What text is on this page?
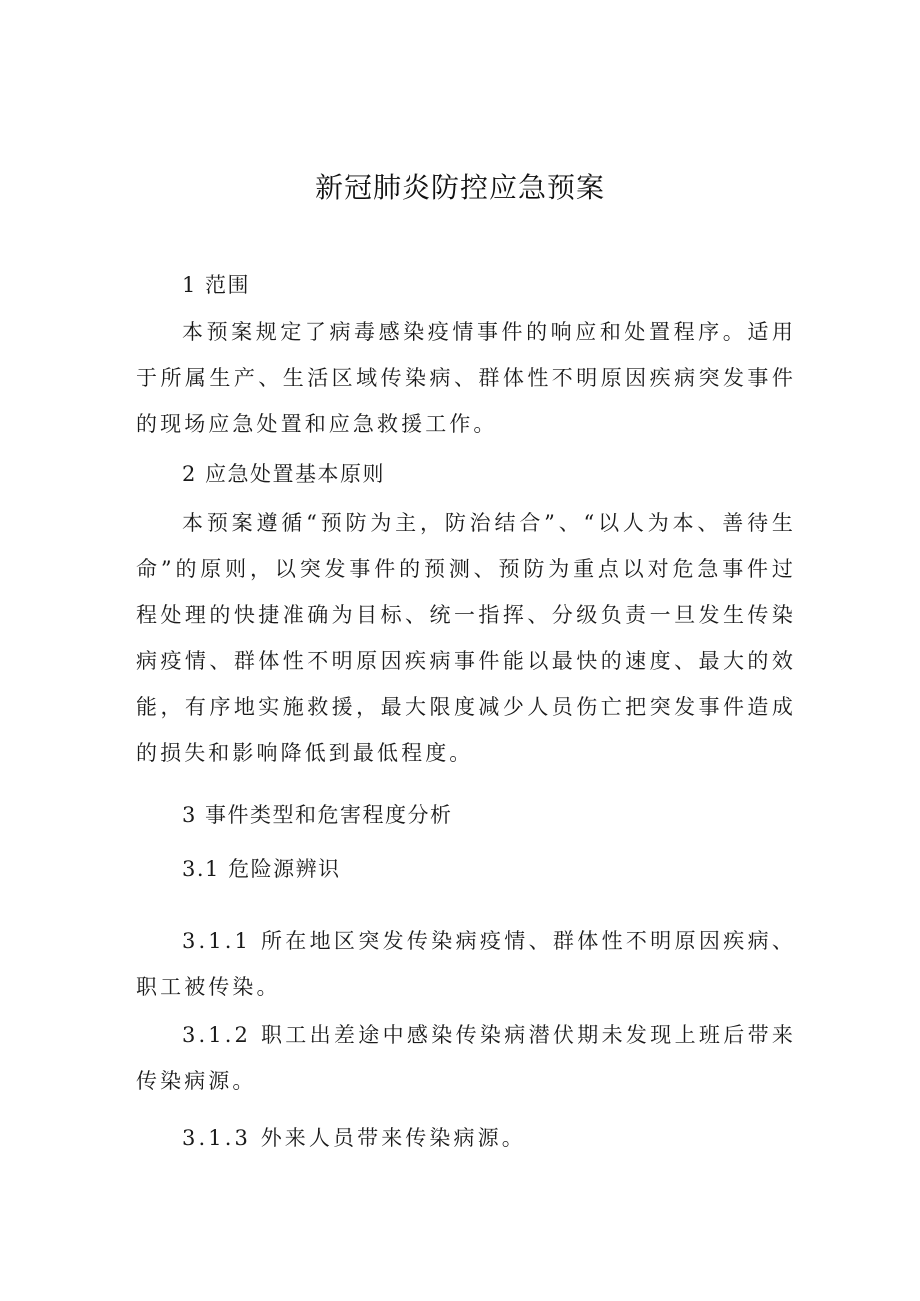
新冠肺炎防控应急预案
1 范围
本预案规定了病毒感染疫情事件的响应和处置程序。适用于所属生产、生活区域传染病、群体性不明原因疾病突发事件的现场应急处置和应急救援工作。
2 应急处置基本原则
本预案遵循“预防为主，防治结合”、“以人为本、善待生命”的原则，以突发事件的预测、预防为重点以对危急事件过程处理的快捷准确为目标、统一指挥、分级负责一旦发生传染病疫情、群体性不明原因疾病事件能以最快的速度、最大的效能，有序地实施救援，最大限度减少人员伤亡把突发事件造成的损失和影响降低到最低程度。
3 事件类型和危害程度分析
3.1 危险源辨识
3.1.1 所在地区突发传染病疫情、群体性不明原因疾病、职工被传染。
3.1.2 职工出差途中感染传染病潜伏期未发现上班后带来传染病源。
3.1.3 外来人员带来传染病源。
